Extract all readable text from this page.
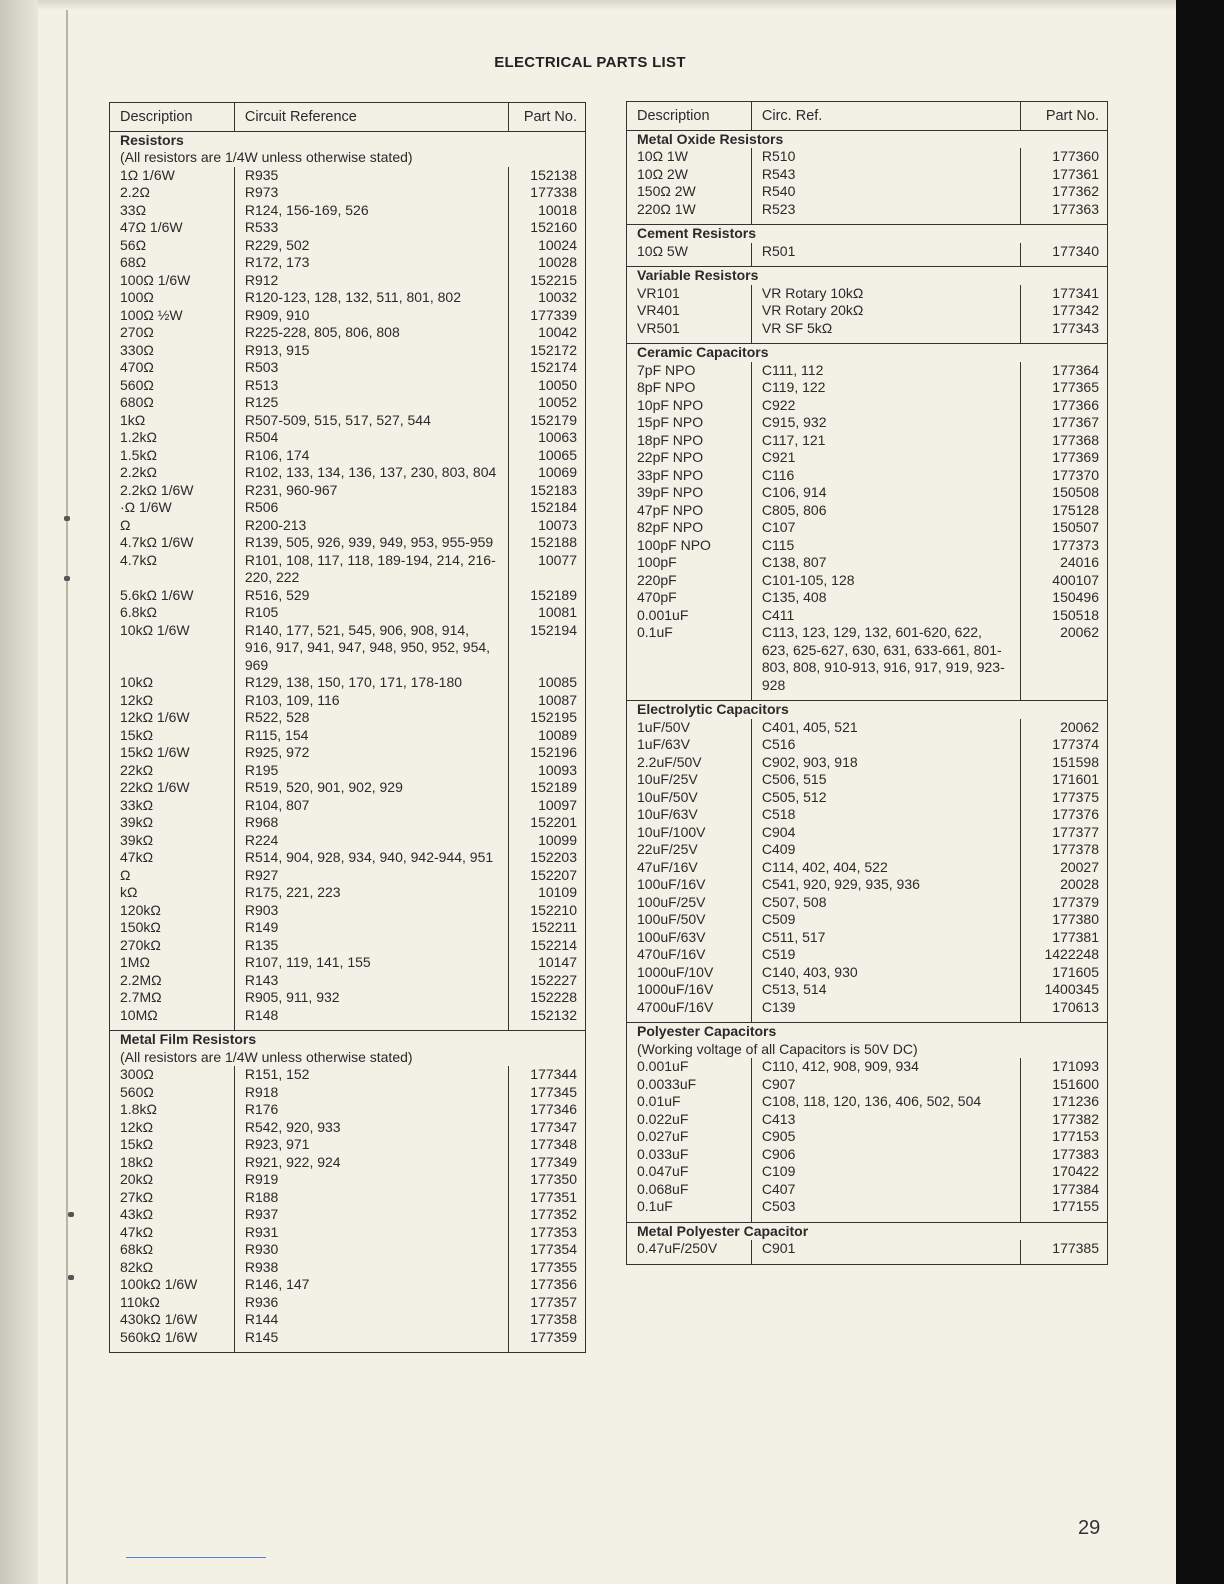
ELECTRICAL PARTS LIST
Description	Circuit Reference	Part No.
Resistors		
(All resistors are 1/4W unless otherwise stated)		
1Ω 1/6W	R935	152138
2.2Ω	R973	177338
33Ω	R124, 156-169, 526	10018
47Ω 1/6W	R533	152160
56Ω	R229, 502	10024
68Ω	R172, 173	10028
100Ω 1/6W	R912	152215
100Ω	R120-123, 128, 132, 511, 801, 802	10032
100Ω ½W	R909, 910	177339
270Ω	R225-228, 805, 806, 808	10042
330Ω	R913, 915	152172
470Ω	R503	152174
560Ω	R513	10050
680Ω	R125	10052
1kΩ	R507-509, 515, 517, 527, 544	152179
1.2kΩ	R504	10063
1.5kΩ	R106, 174	10065
2.2kΩ	R102, 133, 134, 136, 137, 230, 803, 804	10069
2.2kΩ 1/6W	R231, 960-967	152183
·Ω 1/6W	R506	152184
Ω	R200-213	10073
4.7kΩ 1/6W	R139, 505, 926, 939, 949, 953, 955-959	152188
4.7kΩ	R101, 108, 117, 118, 189-194, 214, 216-220, 222	10077
5.6kΩ 1/6W	R516, 529	152189
6.8kΩ	R105	10081
10kΩ 1/6W	R140, 177, 521, 545, 906, 908, 914, 916, 917, 941, 947, 948, 950, 952, 954, 969	152194
10kΩ	R129, 138, 150, 170, 171, 178-180	10085
12kΩ	R103, 109, 116	10087
12kΩ 1/6W	R522, 528	152195
15kΩ	R115, 154	10089
15kΩ 1/6W	R925, 972	152196
22kΩ	R195	10093
22kΩ 1/6W	R519, 520, 901, 902, 929	152189
33kΩ	R104, 807	10097
39kΩ	R968	152201
39kΩ	R224	10099
47kΩ	R514, 904, 928, 934, 940, 942-944, 951	152203
Ω	R927	152207
kΩ	R175, 221, 223	10109
120kΩ	R903	152210
150kΩ	R149	152211
270kΩ	R135	152214
1MΩ	R107, 119, 141, 155	10147
2.2MΩ	R143	152227
2.7MΩ	R905, 911, 932	152228
10MΩ	R148	152132

Metal Film Resistors		
(All resistors are 1/4W unless otherwise stated)		
300Ω	R151, 152	177344
560Ω	R918	177345
1.8kΩ	R176	177346
12kΩ	R542, 920, 933	177347
15kΩ	R923, 971	177348
18kΩ	R921, 922, 924	177349
20kΩ	R919	177350
27kΩ	R188	177351
43kΩ	R937	177352
47kΩ	R931	177353
68kΩ	R930	177354
82kΩ	R938	177355
100kΩ 1/6W	R146, 147	177356
110kΩ	R936	177357
430kΩ 1/6W	R144	177358
560kΩ 1/6W	R145	177359

Description	Circ. Ref.	Part No.
Metal Oxide Resistors		
10Ω 1W	R510	177360
10Ω 2W	R543	177361
150Ω 2W	R540	177362
220Ω 1W	R523	177363

Cement Resistors		
10Ω 5W	R501	177340

Variable Resistors		
VR101	VR Rotary 10kΩ	177341
VR401	VR Rotary 20kΩ	177342
VR501	VR SF 5kΩ	177343

Ceramic Capacitors		
7pF NPO	C111, 112	177364
8pF NPO	C119, 122	177365
10pF NPO	C922	177366
15pF NPO	C915, 932	177367
18pF NPO	C117, 121	177368
22pF NPO	C921	177369
33pF NPO	C116	177370
39pF NPO	C106, 914	150508
47pF NPO	C805, 806	175128
82pF NPO	C107	150507
100pF NPO	C115	177373
100pF	C138, 807	24016
220pF	C101-105, 128	400107
470pF	C135, 408	150496
0.001uF	C411	150518
0.1uF	C113, 123, 129, 132, 601-620, 622, 623, 625-627, 630, 631, 633-661, 801-803, 808, 910-913, 916, 917, 919, 923-928	20062

Electrolytic Capacitors		
1uF/50V	C401, 405, 521	20062
1uF/63V	C516	177374
2.2uF/50V	C902, 903, 918	151598
10uF/25V	C506, 515	171601
10uF/50V	C505, 512	177375
10uF/63V	C518	177376
10uF/100V	C904	177377
22uF/25V	C409	177378
47uF/16V	C114, 402, 404, 522	20027
100uF/16V	C541, 920, 929, 935, 936	20028
100uF/25V	C507, 508	177379
100uF/50V	C509	177380
100uF/63V	C511, 517	177381
470uF/16V	C519	1422248
1000uF/10V	C140, 403, 930	171605
1000uF/16V	C513, 514	1400345
4700uF/16V	C139	170613

Polyester Capacitors		
(Working voltage of all Capacitors is 50V DC)		
0.001uF	C110, 412, 908, 909, 934	171093
0.0033uF	C907	151600
0.01uF	C108, 118, 120, 136, 406, 502, 504	171236
0.022uF	C413	177382
0.027uF	C905	177153
0.033uF	C906	177383
0.047uF	C109	170422
0.068uF	C407	177384
0.1uF	C503	177155

Metal Polyester Capacitor		
0.47uF/250V	C901	177385

29
